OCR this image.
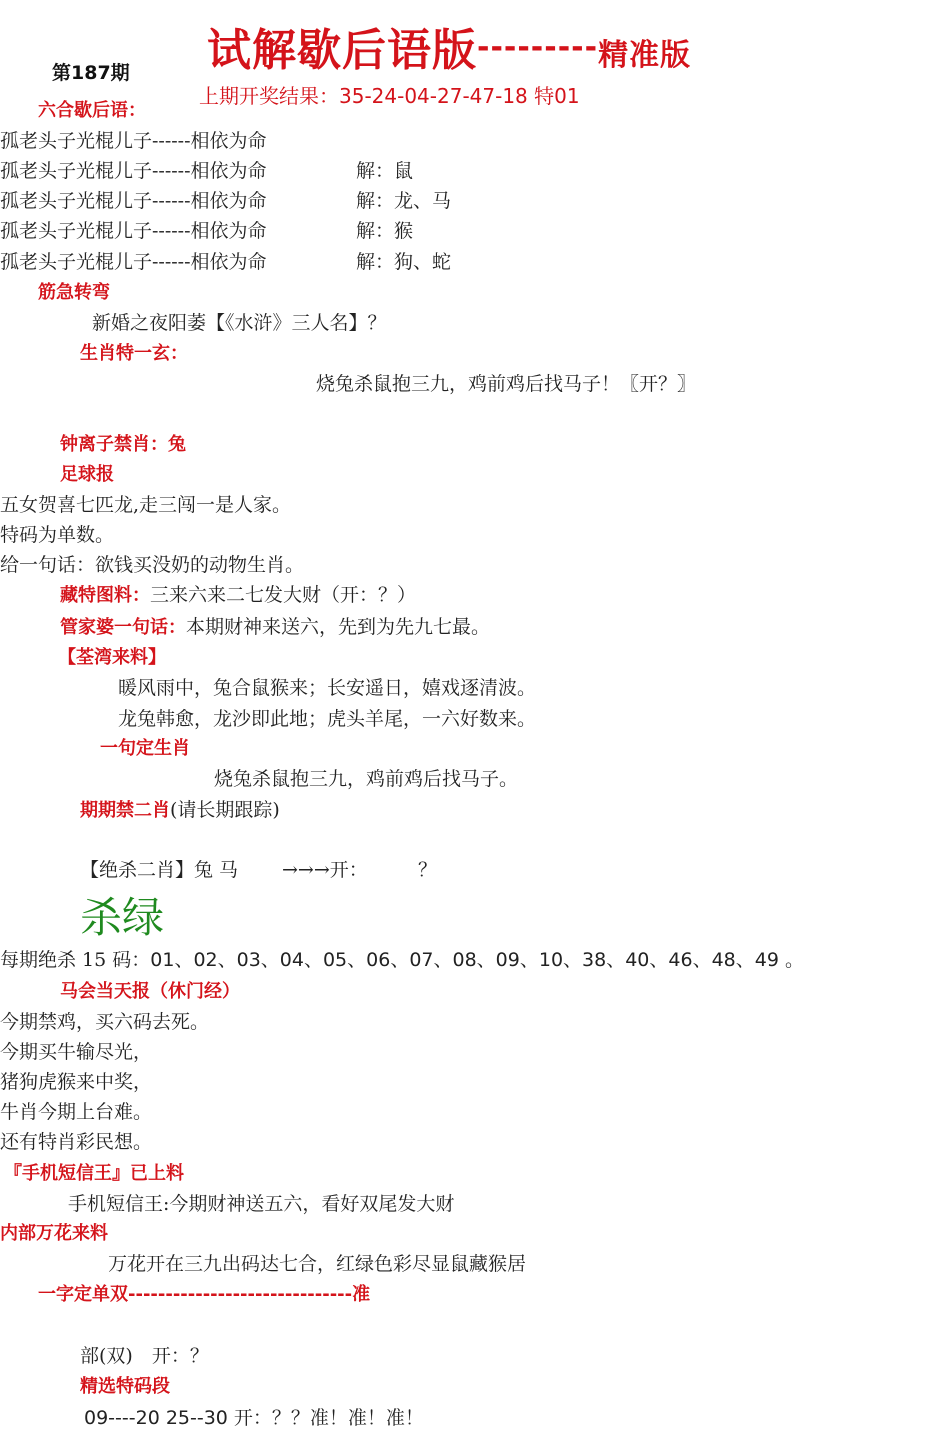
试解歇后语版---------精准版
第187期
上期开奖结果：35-24-04-27-47-18 特01
六合歇后语：
孤老头子光棍儿子------相依为命
孤老头子光棍儿子------相依为命	解：鼠
孤老头子光棍儿子------相依为命	解：龙、马
孤老头子光棍儿子------相依为命	解：猴
孤老头子光棍儿子------相依为命	解：狗、蛇
筋急转弯
新婚之夜阳萎【《水浒》三人名】？
生肖特一玄：
烧兔杀鼠抱三九，鸡前鸡后找马子！〖开？〗
钟离子禁肖：兔
足球报
五女贺喜七匹龙,走三闯一是人家。
特码为单数。
给一句话：欲钱买没奶的动物生肖。
藏特图料：三来六来二七发大财（开：？）
管家婆一句话：本期财神来送六，先到为先九七最。
【荃湾来料】
暖风雨中，兔合鼠猴来；长安遥日，嬉戏逐清波。
龙兔韩愈，龙沙即此地；虎头羊尾，一六好数来。
一句定生肖
烧兔杀鼠抱三九，鸡前鸡后找马子。
期期禁二肖(请长期跟踪)
【绝杀二肖】兔 马 →→→开：	？
杀绿
每期绝杀 15 码：01、02、03、04、05、06、07、08、09、10、38、40、46、48、49 。
马会当天报（休门经）
今期禁鸡，买六码去死。
今期买牛输尽光，
猪狗虎猴来中奖，
牛肖今期上台难。
还有特肖彩民想。
『手机短信王』已上料
手机短信王:今期财神送五六，看好双尾发大财
内部万花来料
万花开在三九出码达七合，红绿色彩尽显鼠藏猴居
一字定单双------------------------------准
部(双)　开：？
精选特码段
09----20 25--30 开：？？准！准！准！
